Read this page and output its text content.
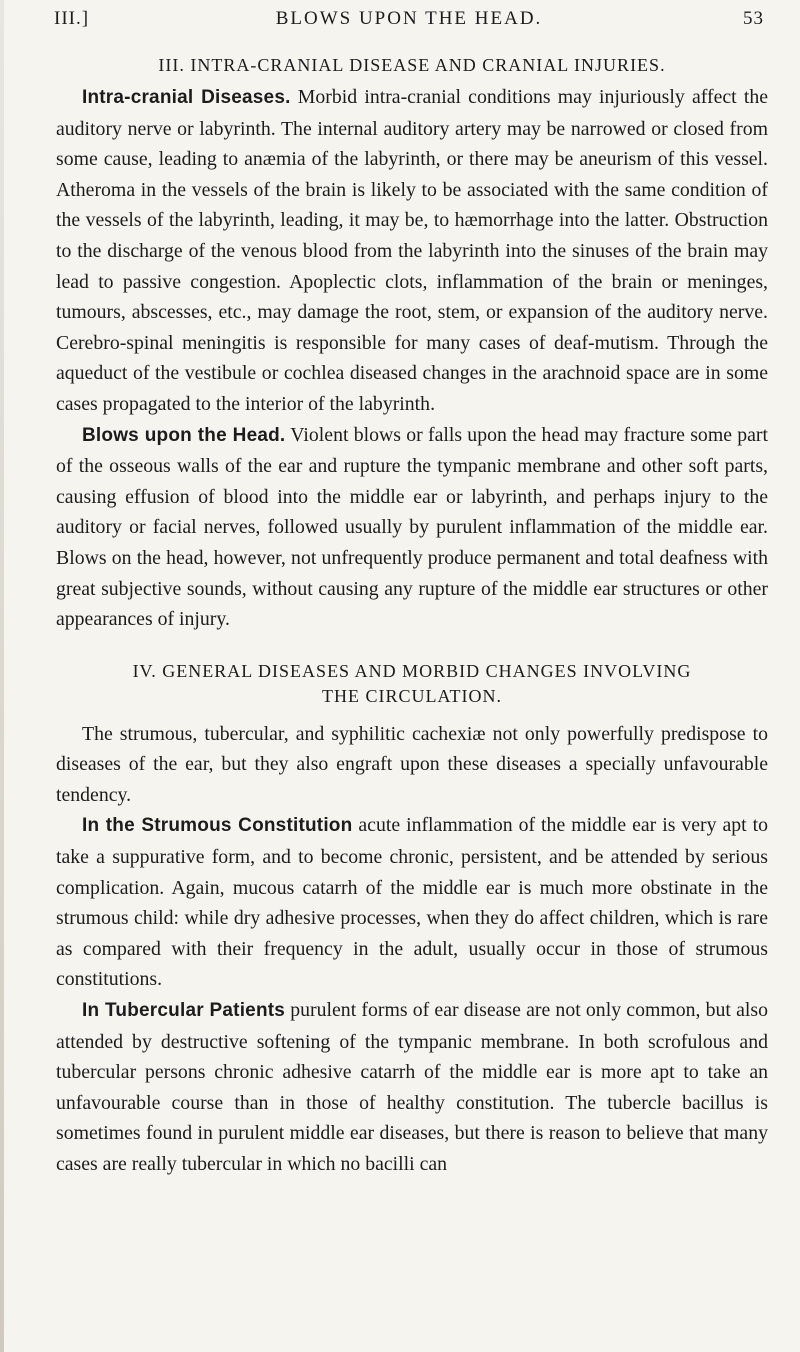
III.]	BLOWS UPON THE HEAD.	53
III. INTRA-CRANIAL DISEASE AND CRANIAL INJURIES.

Intra-cranial Diseases. Morbid intra-cranial conditions may injuriously affect the auditory nerve or labyrinth. The internal auditory artery may be narrowed or closed from some cause, leading to anæmia of the labyrinth, or there may be aneurism of this vessel. Atheroma in the vessels of the brain is likely to be associated with the same condition of the vessels of the labyrinth, leading, it may be, to hæmorrhage into the latter. Obstruction to the discharge of the venous blood from the labyrinth into the sinuses of the brain may lead to passive congestion. Apoplectic clots, inflammation of the brain or meninges, tumours, abscesses, etc., may damage the root, stem, or expansion of the auditory nerve. Cerebro-spinal meningitis is responsible for many cases of deaf-mutism. Through the aqueduct of the vestibule or cochlea diseased changes in the arachnoid space are in some cases propagated to the interior of the labyrinth.

Blows upon the Head. Violent blows or falls upon the head may fracture some part of the osseous walls of the ear and rupture the tympanic membrane and other soft parts, causing effusion of blood into the middle ear or labyrinth, and perhaps injury to the auditory or facial nerves, followed usually by purulent inflammation of the middle ear. Blows on the head, however, not unfrequently produce permanent and total deafness with great subjective sounds, without causing any rupture of the middle ear structures or other appearances of injury.

IV. GENERAL DISEASES AND MORBID CHANGES INVOLVING
THE CIRCULATION.

The strumous, tubercular, and syphilitic cachexiæ not only powerfully predispose to diseases of the ear, but they also engraft upon these diseases a specially unfavourable tendency.

In the Strumous Constitution acute inflammation of the middle ear is very apt to take a suppurative form, and to become chronic, persistent, and be attended by serious complication. Again, mucous catarrh of the middle ear is much more obstinate in the strumous child: while dry adhesive processes, when they do affect children, which is rare as compared with their frequency in the adult, usually occur in those of strumous constitutions.

In Tubercular Patients purulent forms of ear disease are not only common, but also attended by destructive softening of the tympanic membrane. In both scrofulous and tubercular persons chronic adhesive catarrh of the middle ear is more apt to take an unfavourable course than in those of healthy constitution. The tubercle bacillus is sometimes found in purulent middle ear diseases, but there is reason to believe that many cases are really tubercular in which no bacilli can
